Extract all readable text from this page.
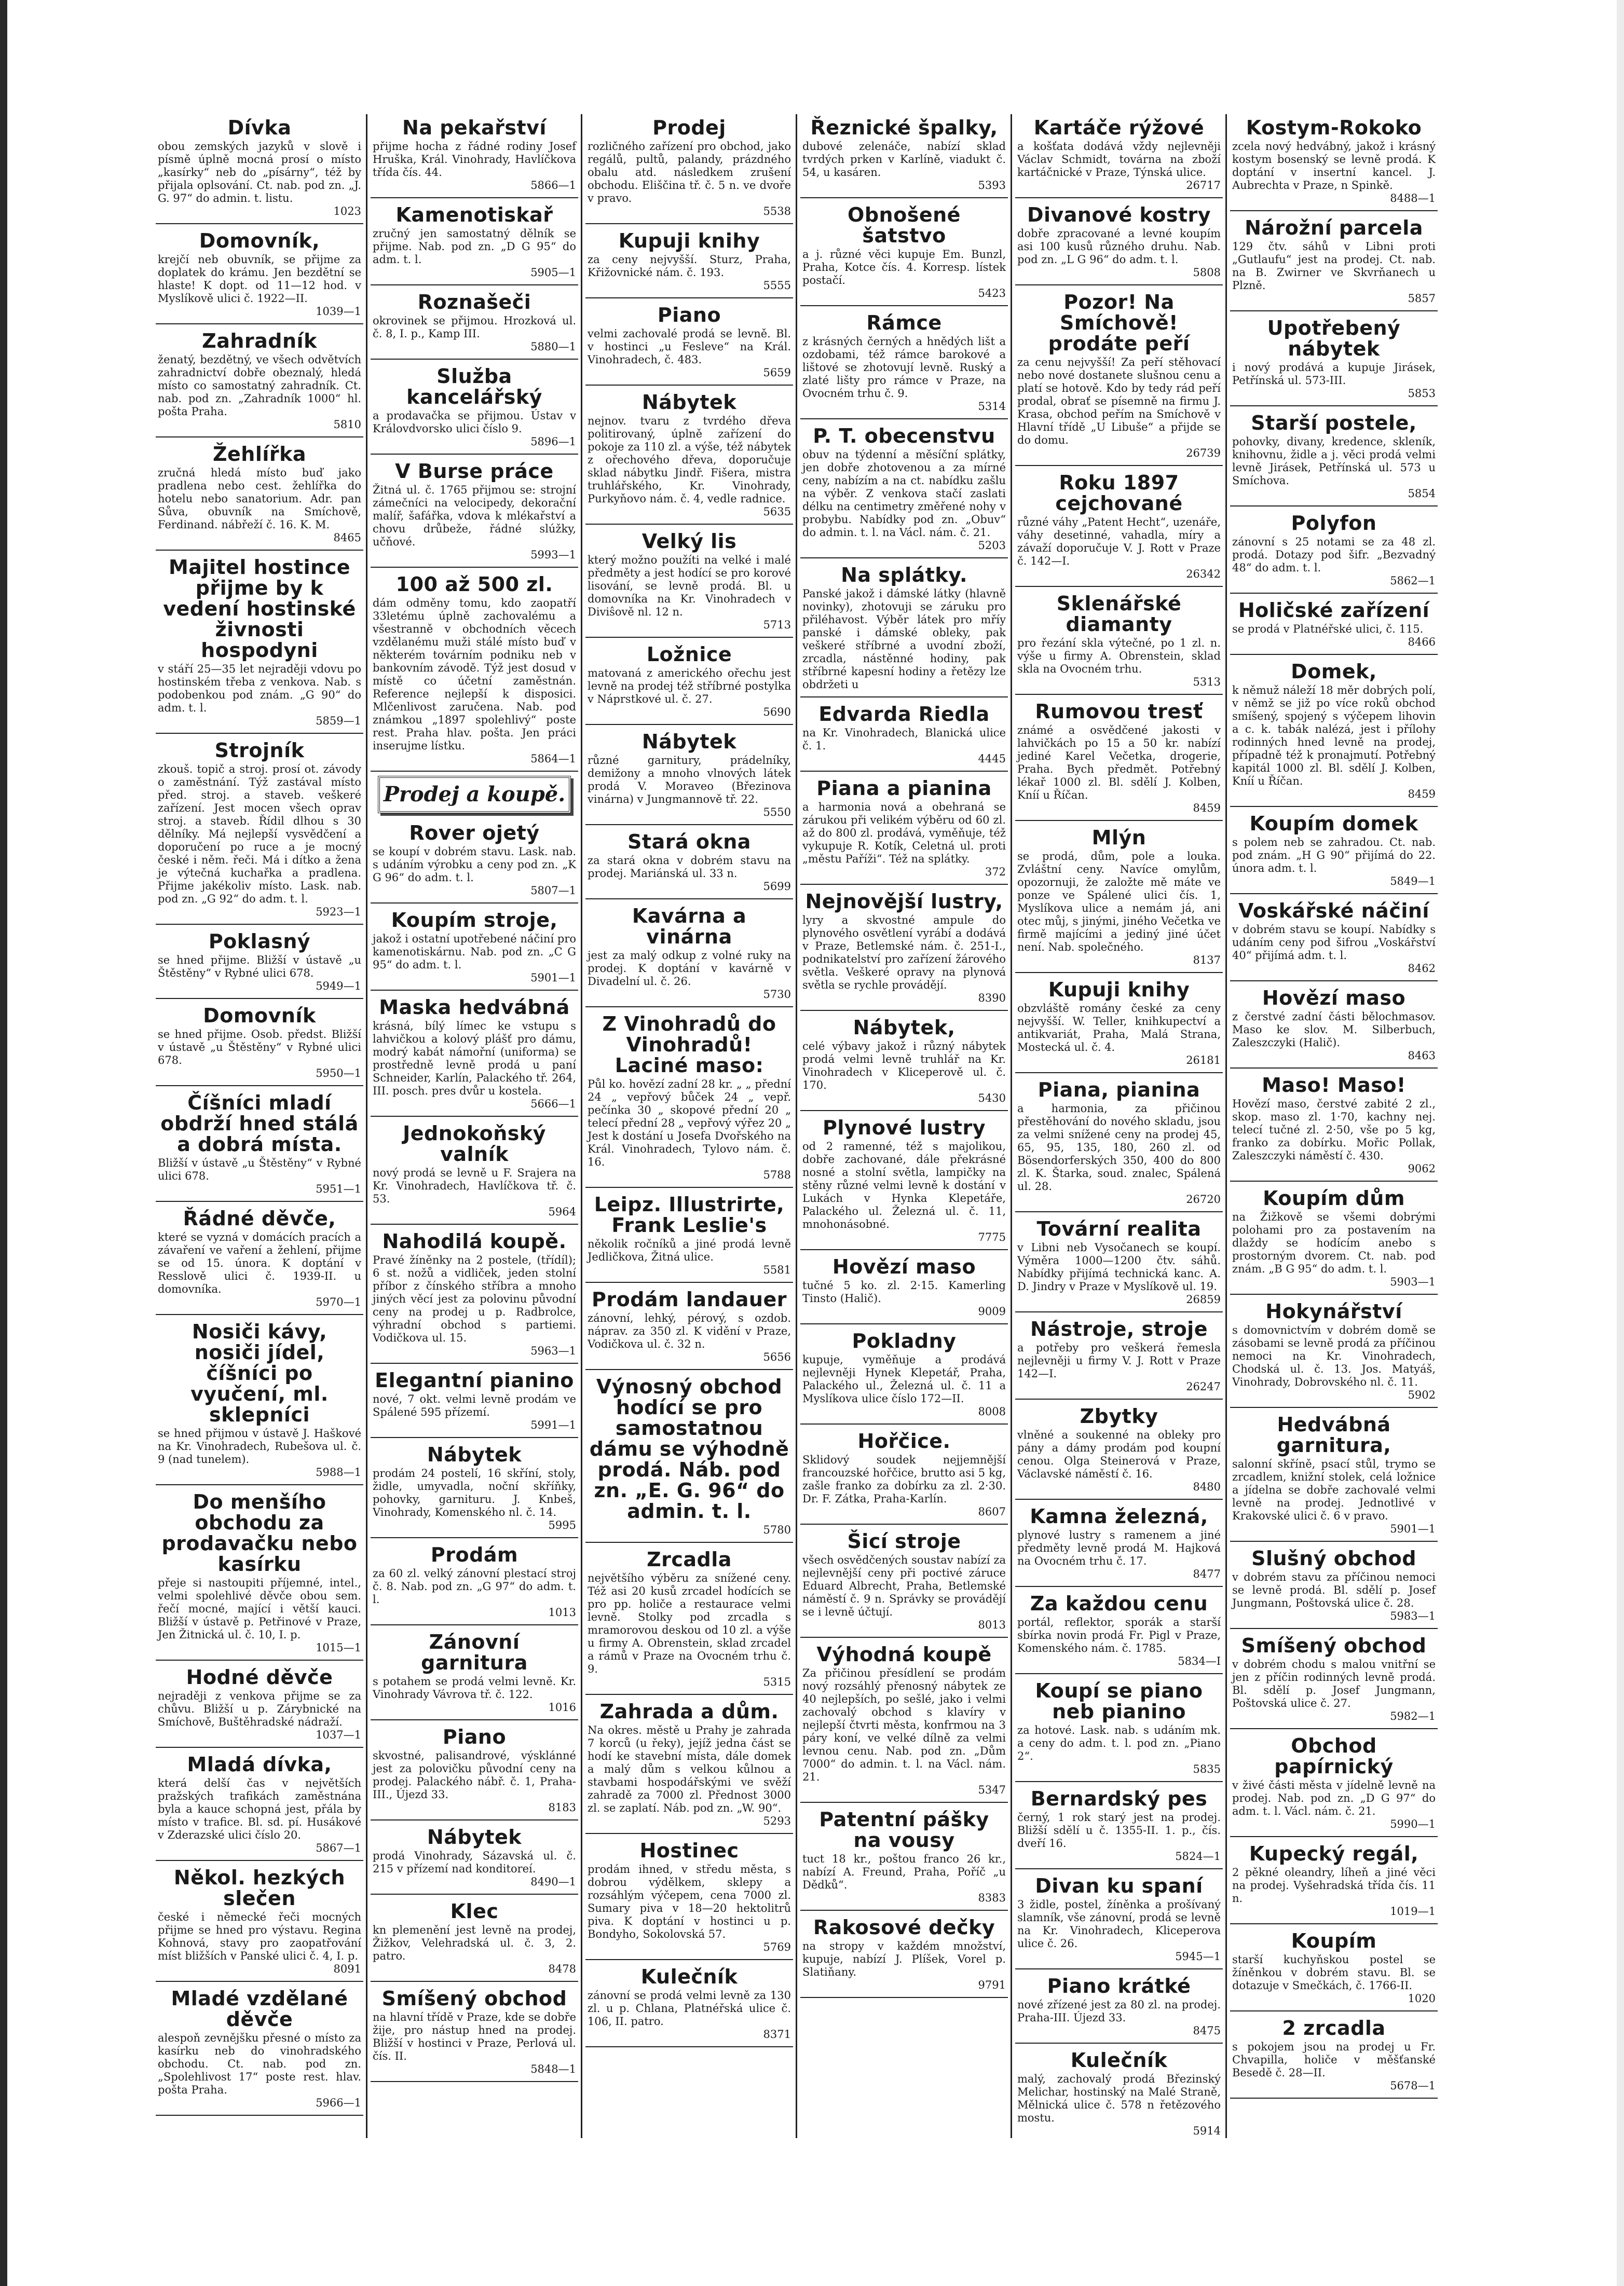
Dívka

obou zemských jazyků v slově i písmě úplně mocná prosí o místo „kasírky“ neb do „písárny“, též by přijala oplsování. Ct. nab. pod zn. „J. G. 97“ do admin. t. listu.

1023

Domovník,

krejčí neb obuvník, se přijme za doplatek do krámu. Jen bezdětní se hlaste! K dopt. od 11—12 hod. v Myslíkově ulici č. 1922—II.

1039—1

Zahradník

ženatý, bezdětný, ve všech odvětvích zahradnictví dobře obeznalý, hledá místo co samostatný zahradník. Ct. nab. pod zn. „Zahradník 1000“ hl. pošta Praha.

5810

Žehlířka

zručná hledá místo buď jako pradlena nebo cest. žehlířka do hotelu nebo sanatorium. Adr. pan Sůva, obuvník na Smíchově, Ferdinand. nábřeží č. 16. K. M.

8465

Majitel hostince přijme by k vedení hostinské živnosti hospodyni

v stáří 25—35 let nejraději vdovu po hostinském třeba z venkova. Nab. s podobenkou pod znám. „G 90“ do adm. t. l.

5859—1

Strojník

zkouš. topič a stroj. prosí ot. závody o zaměstnání. Týž zastával místo před. stroj. a staveb. veškeré zařízení. Jest mocen všech oprav stroj. a staveb. Řídil dlhou s 30 dělníky. Má nejlepší vysvědčení a doporučení po ruce a je mocný české i něm. řeči. Má i dítko a žena je výtečná kuchařka a pradlena. Přijme jakékoliv místo. Lask. nab. pod zn. „G 92“ do adm. t. l.

5923—1

Poklasný

se hned přijme. Bližší v ústavě „u Štěstěny“ v Rybné ulici 678.

5949—1

Domovník

se hned přijme. Osob. předst. Bližší v ústavě „u Štěstěny“ v Rybné ulici 678.

5950—1

Číšníci mladí obdrží hned stálá a dobrá místa.

Bližší v ústavě „u Štěstěny“ v Rybné ulici 678.

5951—1

Řádné děvče,

které se vyzná v domácích pracích a závaření ve vaření a žehlení, přijme se od 15. února. K doptání v Resslově ulici č. 1939-II. u domovníka.

5970—1

Nosiči kávy, nosiči jídel, číšníci po vyučení, ml. sklepníci

se hned přijmou v ústavě J. Haškové na Kr. Vinohradech, Rubešova ul. č. 9 (nad tunelem).

5988—1

Do menšího obchodu za prodavačku nebo kasírku

přeje si nastoupiti příjemné, intel., velmi spolehlivé děvče obou sem. řečí mocné, mající i větší kauci. Bližší v ústavě p. Petřinové v Praze, Jen Žitnická ul. č. 10, I. p.

1015—1

Hodné děvče

nejraději z venkova přijme se za chůvu. Bližší u p. Zárybnické na Smíchově, Buštěhradské nádraží.

1037—1

Mladá dívka,

která delší čas v největších pražských trafikách zaměstnána byla a kauce schopná jest, přála by místo v trafice. Bl. sd. pí. Husákové v Zderazské ulici číslo 20.

5867—1

Někol. hezkých slečen

české i německé řeči mocných přijme se hned pro výstavu. Regina Kohnová, stavy pro zaopatřování míst bližších v Panské ulici č. 4, I. p.

8091

Mladé vzdělané děvče

alespoň zevnějšku přesné o místo za kasírku neb do vinohradského obchodu. Ct. nab. pod zn. „Spolehlivost 17“ poste rest. hlav. pošta Praha.

5966—1

Na pekařství

přijme hocha z řádné rodiny Josef Hruška, Král. Vinohrady, Havlíčkova třída čís. 44.

5866—1

Kamenotiskař

zručný jen samostatný dělník se přijme. Nab. pod zn. „D G 95“ do adm. t. l.

5905—1

Roznašeči

okrovinek se přijmou. Hrozková ul. č. 8, I. p., Kamp III.

5880—1

Služba kancelářský

a prodavačka se přijmou. Ústav v Královdvorsko ulici číslo 9.

5896—1

V Burse práce

Žitná ul. č. 1765 přijmou se: strojní zámečníci na velocipedy, dekorační malíř, šafářka, vdova k mlékařství a chovu drůbeže, řádné slúžky, učňové.

5993—1

100 až 500 zl.

dám odměny tomu, kdo zaopatří 33letému úplně zachovalému a všestranně v obchodních věcech vzdělanému muži stálé místo buď v některém továrním podniku neb v bankovním závodě. Týž jest dosud v místě co účetní zaměstnán. Reference nejlepší k disposici. Mlčenlivost zaručena. Nab. pod známkou „1897 spolehlivý“ poste rest. Praha hlav. pošta. Jen práci inserujme lístku.

5864—1

Prodej a koupě.
Rover ojetý

se koupí v dobrém stavu. Lask. nab. s udáním výrobku a ceny pod zn. „K G 96“ do adm. t. l.

5807—1

Koupím stroje,

jakož i ostatní upotřebené náčiní pro kamenotiskárnu. Nab. pod zn. „C G 95“ do adm. t. l.

5901—1

Maska hedvábná

krásná, bílý límec ke vstupu s lahvičkou a kolový plášť pro dámu, modrý kabát námořní (uniforma) se prostředně levně prodá u paní Schneider, Karlín, Palackého tř. 264, III. posch. pres dvůr u kostela.

5666—1

Jednokoňský valník

nový prodá se levně u F. Srajera na Kr. Vinohradech, Havlíčkova tř. č. 53.

5964

Nahodilá koupě.

Pravé žíněnky na 2 postele, (třídíl); 6 st. nožů a vidliček, jeden stolní příbor z čínského stříbra a mnoho jiných věcí jest za polovinu původní ceny na prodej u p. Radbrolce, výhradní obchod s partiemi. Vodičkova ul. 15.

5963—1

Elegantní pianino

nové, 7 okt. velmi levně prodám ve Spálené 595 přízemí.

5991—1

Nábytek

prodám 24 postelí, 16 skříní, stoly, židle, umyvadla, noční skříňky, pohovky, garnituru. J. Knbeš, Vinohrady, Komenského nl. č. 14.

5995

Prodám

za 60 zl. velký zánovní plestací stroj č. 8. Nab. pod zn. „G 97“ do adm. t. l.

1013

Zánovní garnitura

s potahem se prodá velmi levně. Kr. Vinohrady Vávrova tř. č. 122.

1016

Piano

skvostné, palisandrové, výsklánné jest za polovičku původní ceny na prodej. Palackého nábř. č. 1, Praha-III., Újezd 33.

8183

Nábytek

prodá Vinohrady, Sázavská ul. č. 215 v přízemí nad konditoreí.

8490—1

Klec

kn plemenění jest levně na prodej, Žižkov, Velehradská ul. č. 3, 2. patro.

8478

Smíšený obchod

na hlavní třídě v Praze, kde se dobře žije, pro nástup hned na prodej. Bližší v hostinci v Praze, Perlová ul. čís. II.

5848—1

Prodej

rozličného zařízení pro obchod, jako regálů, pultů, palandy, prázdného obalu atd. následkem zrušení obchodu. Eliščina tř. č. 5 n. ve dvoře v pravo.

5538

Kupuji knihy

za ceny nejvyšší. Sturz, Praha, Křižovnické nám. č. 193.

5555

Piano

velmi zachovalé prodá se levně. Bl. v hostinci „u Fesleve“ na Král. Vinohradech, č. 483.

5659

Nábytek

nejnov. tvaru z tvrdého dřeva politirovaný, úplně zařízení do pokoje za 110 zl. a výše, též nábytek z ořechového dřeva, doporučuje sklad nábytku Jindř. Fišera, mistra truhlářského, Kr. Vinohrady, Purkyňovo nám. č. 4, vedle radnice.

5635

Velký lis

který možno použíti na velké i malé předměty a jest hodící se pro korové lisování, se levně prodá. Bl. u domovníka na Kr. Vinohradech v Diviŝově nl. 12 n.

5713

Ložnice

matovaná z amerického ořechu jest levně na prodej též stříbrné postylka v Náprstkové ul. č. 27.

5690

Nábytek

různé garnitury, prádelníky, demižony a mnoho vlnových látek prodá V. Moraveo (Březinova vinárna) v Jungmannově tř. 22.

5550

Stará okna

za stará okna v dobrém stavu na prodej. Mariánská ul. 33 n.

5699

Kavárna a vinárna

jest za malý odkup z volné ruky na prodej. K doptání v kavárně v Divadelní ul. č. 26.

5730

Z Vinohradů do Vinohradů! Laciné maso:

Půl ko. hovězí zadní 28 kr. „ „ přední 24 „ vepřový bůček 24 „ vepř. pečínka 30 „ skopové přední 20 „ telecí přední 28 „ vepřový výřez 20 „ Jest k dostání u Josefa Dvořského na Král. Vinohradech, Tylovo nám. č. 16.

5788

Leipz. Illustrirte, Frank Leslie's

několik ročníků a jiné prodá levně Jedličkova, Žitná ulice.

5581

Prodám landauer

zánovní, lehký, pérový, s ozdob. náprav. za 350 zl. K vidění v Praze, Vodičkova ul. č. 32 n.

5656

Výnosný obchod hodící se pro samostatnou dámu se výhodně prodá. Náb. pod zn. „E. G. 96“ do admin. t. l.

5780

Zrcadla

největšího výběru za snížené ceny. Též asi 20 kusů zrcadel hodících se pro pp. holiče a restaurace velmi levně. Stolky pod zrcadla s mramorovou deskou od 10 zl. a výše u firmy A. Obrenstein, sklad zrcadel a rámů v Praze na Ovocném trhu č. 9.

5315

Zahrada a dům.

Na okres. městě u Prahy je zahrada 7 korců (u řeky), jejíž jedna část se hodí ke stavební místa, dále domek a malý dům s velkou kůlnou a stavbami hospodářskými ve svěží zahradě za 7000 zl. Přednost 3000 zl. se zaplatí. Náb. pod zn. „W. 90“.

5293

Hostinec

prodám ihned, v středu města, s dobrou výdělkem, sklepy a rozsáhlým výčepem, cena 7000 zl. Sumary piva v 18—20 hektolitrů piva. K doptání v hostinci u p. Bondyho, Sokolovská 57.

5769

Kulečník

zánovní se prodá velmi levně za 130 zl. u p. Chlana, Platnéřská ulice č. 106, II. patro.

8371

Řeznické špalky,

dubové zelenáče, nabízí sklad tvrdých prken v Karlíně, viadukt č. 54, u kasáren.

5393

Obnošené šatstvo

a j. různé věci kupuje Em. Bunzl, Praha, Kotce čís. 4. Korresp. lístek postačí.

5423

Rámce

z krásných černých a hnědých lišt a ozdobami, též rámce barokové a lištové se zhotovují levně. Ruský a zlaté lišty pro rámce v Praze, na Ovocném trhu č. 9.

5314

P. T. obecenstvu

obuv na týdenní a měsíční splátky, jen dobře zhotovenou a za mírné ceny, nabízím a na ct. nabídku zašlu na výběr. Z venkova stačí zaslati délku na centimetry změřené nohy v probybu. Nabídky pod zn. „Obuv“ do admin. t. l. na Václ. nám. č. 21.

5203

Na splátky.

Panské jakož i dámské látky (hlavně novinky), zhotovuji se záruku pro přiléhavost. Výběr látek pro mříy panské i dámské obleky, pak veškeré stříbrné a uvodní zboží, zrcadla, nástěnné hodiny, pak stříbrné kapesní hodiny a řetězy lze obdržeti u

Edvarda Riedla

na Kr. Vinohradech, Blanická ulice č. 1.

4445

Piana a pianina

a harmonia nová a obehraná se zárukou při velikém výběru od 60 zl. až do 800 zl. prodává, vyměňuje, též vykupuje R. Kotík, Celetná ul. proti „městu Paříži“. Též na splátky.

372

Nejnovější lustry,

lyry a skvostné ampule do plynového osvětlení vyrábí a dodává v Praze, Betlemské nám. č. 251-I., podnikatelství pro zařízení žárového světla. Veškeré opravy na plynová světla se rychle provádějí.

8390

Nábytek,

celé výbavy jakož i různý nábytek prodá velmi levně truhlář na Kr. Vinohradech v Kliceperově ul. č. 170.

5430

Plynové lustry

od 2 ramenné, též s majolikou, dobře zachované, dále překrásné nosné a stolní světla, lampičky na stěny různé velmi levně k dostání v Lukách v Hynka Klepetáře, Palackého ul. Železná ul. č. 11, mnohonásobné.

7775

Hovězí maso

tučné 5 ko. zl. 2·15. Kamerling Tinsto (Halič).

9009

Pokladny

kupuje, vyměňuje a prodává nejlevněji Hynek Klepetář, Praha, Palackého ul., Železná ul. č. 11 a Myslíkova ulice číslo 172—II.

8008

Hořčice.

Sklidový soudek nejjemnější francouzské hořčice, brutto asi 5 kg, zašle franko za dobírku za zl. 2·30. Dr. F. Zátka, Praha-Karlín.

8607

Šicí stroje

všech osvědčených soustav nabízí za nejlevnější ceny při poctivé záruce Eduard Albrecht, Praha, Betlemské náměstí č. 9 n. Správky se provádějí se i levně účtují.

8013

Výhodná koupě

Za přičinou přesídlení se prodám nový rozsáhlý přenosný nábytek ze 40 nejlepších, po sešlé, jako i velmi zachovalý obchod s klavíry v nejlepší čtvrti města, konfrmou na 3 páry koní, ve velké dílně za velmi levnou cenu. Nab. pod zn. „Dům 7000“ do admin. t. l. na Václ. nám. 21.

5347

Patentní pášky na vousy

tuct 18 kr., poštou franco 26 kr., nabízí A. Freund, Praha, Poříč „u Dědků“.

8383

Rakosové dečky

na stropy v každém množství, kupuje, nabízí J. Plíšek, Vorel p. Slatiňany.

9791

Kartáče rýžové

a košťata dodává vždy nejlevněji Václav Schmidt, továrna na zboží kartáčnické v Praze, Týnská ulice.

26717

Divanové kostry

dobře zpracované a levné koupím asi 100 kusů různého druhu. Nab. pod zn. „L G 96“ do adm. t. l.

5808

Pozor! Na Smíchově! prodáte peří

za cenu nejvyšší! Za peří stěhovací nebo nové dostanete slušnou cenu a platí se hotově. Kdo by tedy rád peří prodal, obrať se písemně na firmu J. Krasa, obchod peřím na Smíchově v Hlavní třídě „U Libuše“ a přijde se do domu.

26739

Roku 1897 cejchované

různé váhy „Patent Hecht“, uzenáře, váhy desetinné, vahadla, míry a závaží doporučuje V. J. Rott v Praze č. 142—I.

26342

Sklenářské diamanty

pro řezání skla výtečné, po 1 zl. n. výše u firmy A. Obrenstein, sklad skla na Ovocném trhu.

5313

Rumovou tresť

známé a osvědčené jakosti v lahvičkách po 15 a 50 kr. nabízí jediné Karel Večetka, drogerie, Praha. Bych předmět. Potřebný lékař 1000 zl. Bl. sdělí J. Kolben, Kníí u Říčan.

8459

Mlýn

se prodá, dům, pole a louka. Zvláštní ceny. Navíce omylům, opozornuji, že založte mě máte ve ponze ve Spálené ulici čís. 1, Myslíkova ulice a nemám já, ani otec můj, s jinými, jiného Večetka ve firmě majícími a jediný jiné účet není. Nab. společného.

8137

Kupuji knihy

obzvláště romány české za ceny nejvyšší. W. Teller, knihkupectví a antikvariát, Praha, Malá Strana, Mostecká ul. č. 4.

26181

Piana, pianina

a harmonia, za přičinou přestěhování do nového skladu, jsou za velmi snížené ceny na prodej 45, 65, 95, 135, 180, 260 zl. od Bösendorferských 350, 400 do 800 zl. K. Štarka, soud. znalec, Spálená ul. 28.

26720

Tovární realita

v Libni neb Vysočanech se koupí. Výměra 1000—1200 čtv. sáhů. Nabídky přijímá technická kanc. A. D. Jindry v Praze v Myslíkově ul. 19.

26859

Nástroje, stroje

a potřeby pro veškerá řemesla nejlevněji u firmy V. J. Rott v Praze 142—I.

26247

Zbytky

vlněné a soukenné na obleky pro pány a dámy prodám pod koupní cenou. Olga Steinerová v Praze, Václavské náměstí č. 16.

8480

Kamna železná,

plynové lustry s ramenem a jiné předměty levně prodá M. Hajková na Ovocném trhu č. 17.

8477

Za každou cenu

portál, reflektor, sporák a starší sbírka novin prodá Fr. Pigl v Praze, Komenského nám. č. 1785.

5834—I

Koupí se piano neb pianino

za hotové. Lask. nab. s udáním mk. a ceny do adm. t. l. pod zn. „Piano 2“.

5835

Bernardský pes

černý, 1 rok starý jest na prodej. Bližší sdělí u č. 1355-II. 1. p., čís. dveří 16.

5824—1

Divan ku spaní

3 židle, postel, žíněnka a prošívaný slamník, vše zánovní, prodá se levně na Kr. Vinohradech, Kliceperova ulice č. 26.

5945—1

Piano krátké

nové zřízené jest za 80 zl. na prodej. Praha-III. Újezd 33.

8475

Kulečník

malý, zachovalý prodá Březinský Melichar, hostinský na Malé Straně, Mělnická ulice č. 578 n řetězového mostu.

5914

Kostym-Rokoko

zcela nový hedvábný, jakož i krásný kostym bosenský se levně prodá. K doptání v insertní kancel. J. Aubrechta v Praze, n Spinkě.

8488—1

Nárožní parcela

129 čtv. sáhů v Libni proti „Gutlaufu“ jest na prodej. Ct. nab. na B. Zwirner ve Skvrňanech u Plzně.

5857

Upotřebený nábytek

i nový prodává a kupuje Jirásek, Petřínská ul. 573-III.

5853

Starší postele,

pohovky, divany, kredence, skleník, knihovnu, židle a j. věci prodá velmi levně Jirásek, Petřínská ul. 573 u Smíchova.

5854

Polyfon

zánovní s 25 notami se za 48 zl. prodá. Dotazy pod šifr. „Bezvadný 48“ do adm. t. l.

5862—1

Holičské zařízení

se prodá v Platnéřské ulici, č. 115.

8466

Domek,

k němuž náleží 18 měr dobrých polí, v němž se již po více roků obchod smíšený, spojený s výčepem lihovin a c. k. tabák nalézá, jest i přílohy rodinných hned levně na prodej, případně též k pronajmutí. Potřebný kapitál 1000 zl. Bl. sdělí J. Kolben, Kníí u Říčan.

8459

Koupím domek

s polem neb se zahradou. Ct. nab. pod znám. „H G 90“ přijímá do 22. února adm. t. l.

5849—1

Voskářské náčiní

v dobrém stavu se koupí. Nabídky s udáním ceny pod šifrou „Voskářství 40“ přijímá adm. t. l.

8462

Hovězí maso

z čerstvé zadní části bělochmasov. Maso ke slov. M. Silberbuch, Zaleszczyki (Halič).

8463

Maso! Maso!

Hovězí maso, čerstvé zabité 2 zl., skop. maso zl. 1·70, kachny nej. telecí tučné zl. 2·50, vše po 5 kg, franko za dobírku. Mořic Pollak, Zaleszczyki náměstí č. 430.

9062

Koupím dům

na Žižkově se všemi dobrými polohami pro za postavením na dlaždy se hodícím anebo s prostorným dvorem. Ct. nab. pod znám. „B G 95“ do adm. t. l.

5903—1

Hokynářství

s domovnictvím v dobrém domě se zásobami se levně prodá za příčinou nemoci na Kr. Vinohradech, Chodská ul. č. 13. Jos. Matyáš, Vinohrady, Dobrovského nl. č. 11.

5902

Hedvábná garnitura,

salonní skříně, psací stůl, trymo se zrcadlem, knižní stolek, celá ložnice a jídelna se dobře zachovalé velmi levně na prodej. Jednotlivé v Krakovské ulici č. 6 v pravo.

5901—1

Slušný obchod

v dobrém stavu za příčinou nemoci se levně prodá. Bl. sdělí p. Josef Jungmann, Poštovská ulice č. 28.

5983—1

Smíšený obchod

v dobrém chodu s malou vnitřní se jen z příčin rodinných levně prodá. Bl. sdělí p. Josef Jungmann, Poštovská ulice č. 27.

5982—1

Obchod papírnický

v živé části města v jídelně levně na prodej. Nab. pod zn. „D G 97“ do adm. t. l. Václ. nám. č. 21.

5990—1

Kupecký regál,

2 pěkné oleandry, líheň a jiné věci na prodej. Vyšehradská třída čís. 11 n.

1019—1

Koupím

starší kuchyňskou postel se žíněnkou v dobrém stavu. Bl. se dotazuje v Smečkách, č. 1766-II.

1020

2 zrcadla

s pokojem jsou na prodej u Fr. Chvapilla, holiče v měšťanské Besedě č. 28—II.

5678—1
